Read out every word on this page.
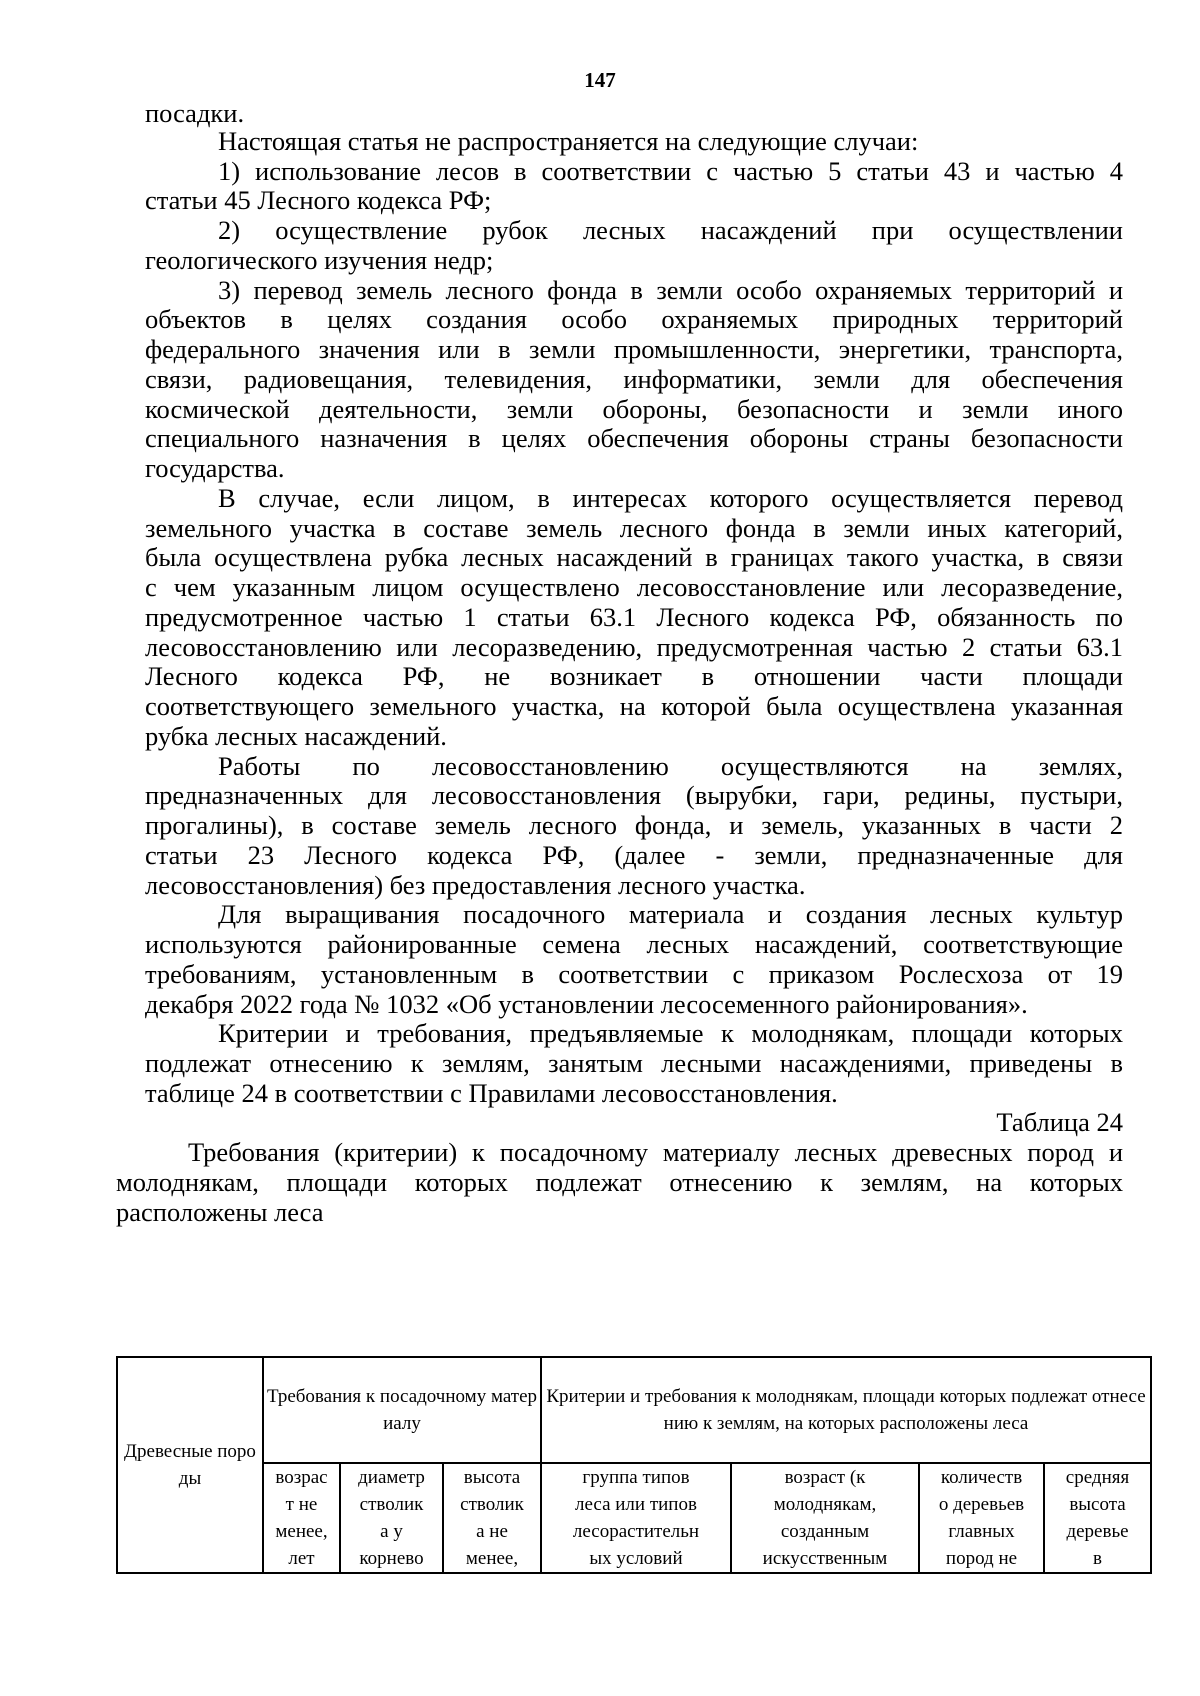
147
посадки.
Настоящая статья не распространяется на следующие случаи:
1) использование лесов в соответствии с частью 5 статьи 43 и частью 4
статьи 45 Лесного кодекса РФ;
2) осуществление рубок лесных насаждений при осуществлении
геологического изучения недр;
3) перевод земель лесного фонда в земли особо охраняемых территорий и
объектов в целях создания особо охраняемых природных территорий
федерального значения или в земли промышленности, энергетики, транспорта,
связи, радиовещания, телевидения, информатики, земли для обеспечения
космической деятельности, земли обороны, безопасности и земли иного
специального назначения в целях обеспечения обороны страны безопасности
государства.
В случае, если лицом, в интересах которого осуществляется перевод
земельного участка в составе земель лесного фонда в земли иных категорий,
была осуществлена рубка лесных насаждений в границах такого участка, в связи
с чем указанным лицом осуществлено лесовосстановление или лесоразведение,
предусмотренное частью 1 статьи 63.1 Лесного кодекса РФ, обязанность по
лесовосстановлению или лесоразведению, предусмотренная частью 2 статьи 63.1
Лесного кодекса РФ, не возникает в отношении части площади
соответствующего земельного участка, на которой была осуществлена указанная
рубка лесных насаждений.
Работы по лесовосстановлению осуществляются на землях,
предназначенных для лесовосстановления (вырубки, гари, редины, пустыри,
прогалины), в составе земель лесного фонда, и земель, указанных в части 2
статьи 23 Лесного кодекса РФ, (далее - земли, предназначенные для
лесовосстановления) без предоставления лесного участка.
Для выращивания посадочного материала и создания лесных культур
используются районированные семена лесных насаждений, соответствующие
требованиям, установленным в соответствии с приказом Рослесхоза от 19
декабря 2022 года № 1032 «Об установлении лесосеменного районирования».
Критерии и требования, предъявляемые к молоднякам, площади которых
подлежат отнесению к землям, занятым лесными насаждениями, приведены в
таблице 24 в соответствии с Правилами лесовосстановления.
Таблица 24
Требования (критерии) к посадочному материалу лесных древесных пород и
молоднякам, площади которых подлежат отнесению к землям, на которых
расположены леса
Древесные породы	Требования к посадочному материалу			Критерии и требования к молоднякам, площади которых подлежат отнесению к землям, на которых расположены леса			

	возрас
т не
менее,
лет	диаметр
стволик
а у
корнево	высота
стволик
а не
менее,	группа типов
леса или типов
лесорастительн
ых условий	возраст (к
молоднякам,
созданным
искусственным	количеств
о деревьев
главных
пород не	средняя
высота
деревье
в
